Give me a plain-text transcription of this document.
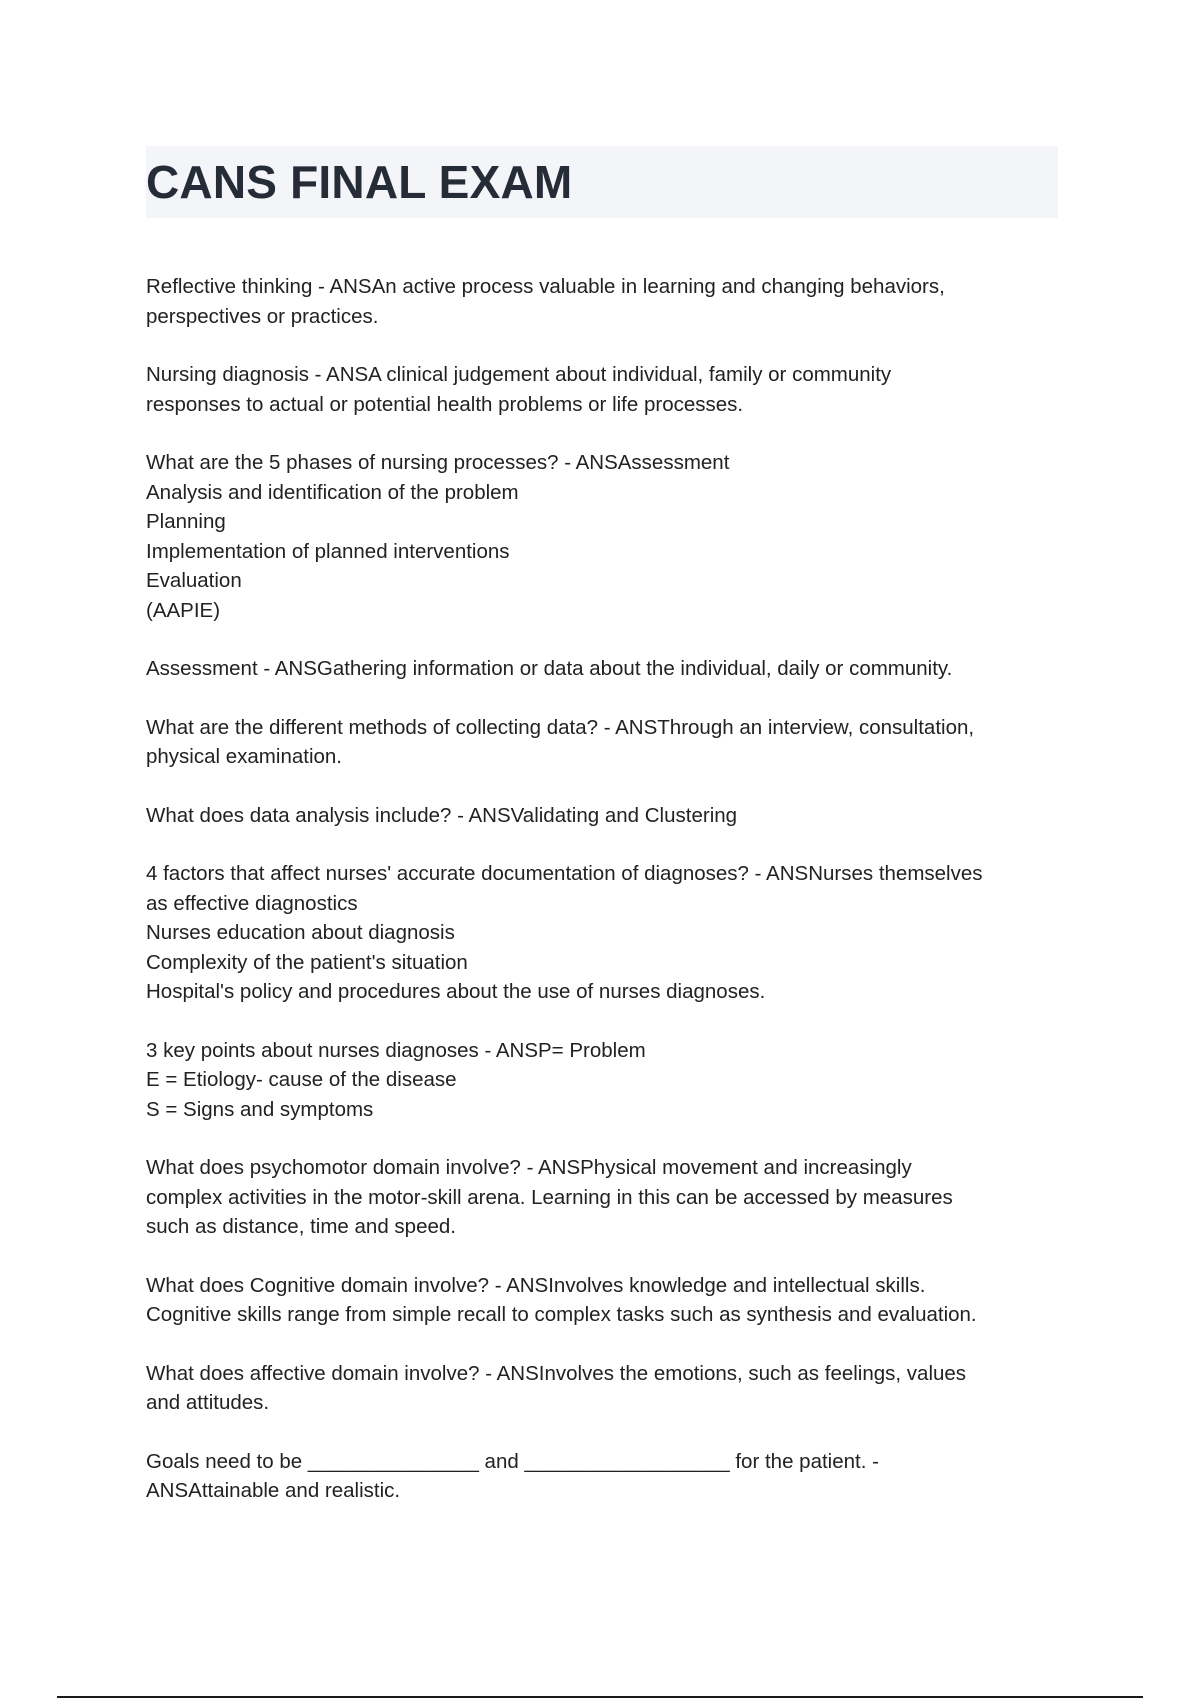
CANS FINAL EXAM
Reflective thinking - ANSAn active process valuable in learning and changing behaviors,
perspectives or practices.
Nursing diagnosis - ANSA clinical judgement about individual, family or community
responses to actual or potential health problems or life processes.
What are the 5 phases of nursing processes? - ANSAssessment
Analysis and identification of the problem
Planning
Implementation of planned interventions
Evaluation
(AAPIE)
Assessment - ANSGathering information or data about the individual, daily or community.
What are the different methods of collecting data? - ANSThrough an interview, consultation,
physical examination.
What does data analysis include? - ANSValidating and Clustering
4 factors that affect nurses' accurate documentation of diagnoses? - ANSNurses themselves
as effective diagnostics
Nurses education about diagnosis
Complexity of the patient's situation
Hospital's policy and procedures about the use of nurses diagnoses.
3 key points about nurses diagnoses - ANSP= Problem
E = Etiology- cause of the disease
S = Signs and symptoms
What does psychomotor domain involve? - ANSPhysical movement and increasingly
complex activities in the motor-skill arena. Learning in this can be accessed by measures
such as distance, time and speed.
What does Cognitive domain involve? - ANSInvolves knowledge and intellectual skills.
Cognitive skills range from simple recall to complex tasks such as synthesis and evaluation.
What does affective domain involve? - ANSInvolves the emotions, such as feelings, values
and attitudes.
Goals need to be _______________ and __________________ for the patient. -
ANSAttainable and realistic.
